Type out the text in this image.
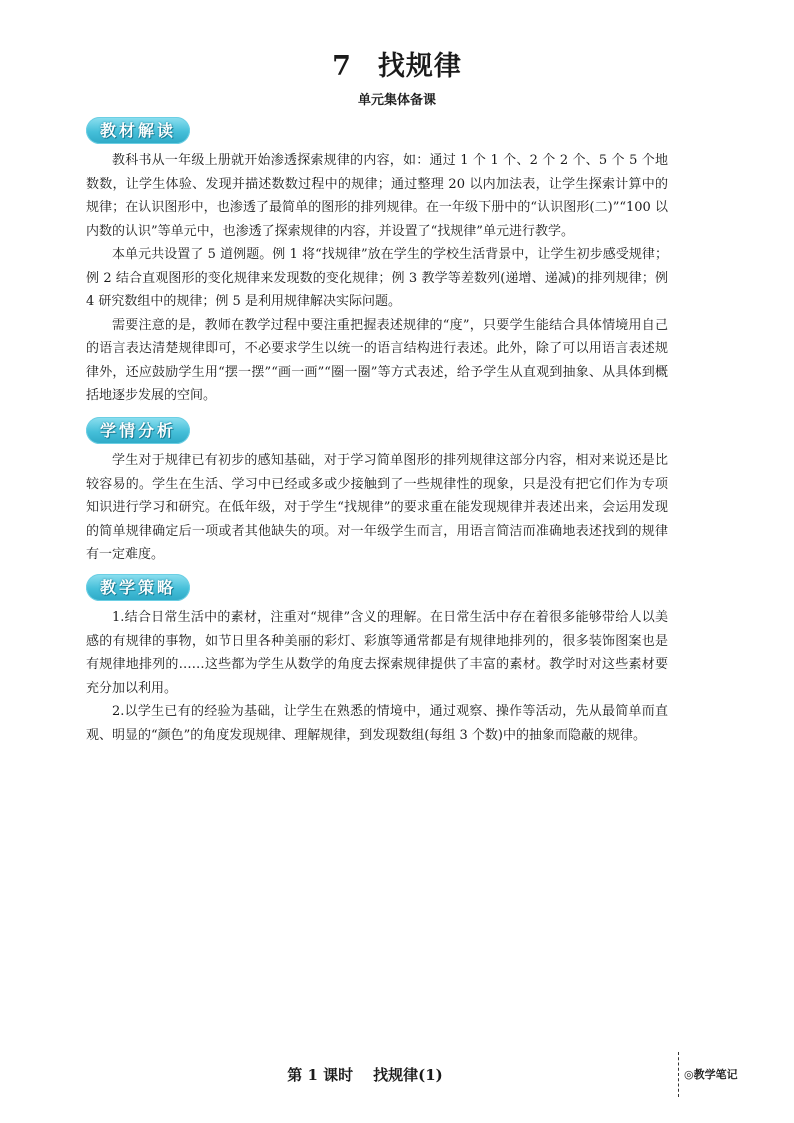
7 找规律
单元集体备课
教材解读

教科书从一年级上册就开始渗透探索规律的内容，如：通过 1 个 1 个、2 个 2 个、5 个 5 个地数数，让学生体验、发现并描述数数过程中的规律；通过整理 20 以内加法表，让学生探索计算中的规律；在认识图形中，也渗透了最简单的图形的排列规律。在一年级下册中的“认识图形(二)”“100 以内数的认识”等单元中，也渗透了探索规律的内容，并设置了“找规律”单元进行教学。

本单元共设置了 5 道例题。例 1 将“找规律”放在学生的学校生活背景中，让学生初步感受规律；例 2 结合直观图形的变化规律来发现数的变化规律；例 3 教学等差数列(递增、递减)的排列规律；例 4 研究数组中的规律；例 5 是利用规律解决实际问题。

需要注意的是，教师在教学过程中要注重把握表述规律的“度”，只要学生能结合具体情境用自己的语言表达清楚规律即可，不必要求学生以统一的语言结构进行表述。此外，除了可以用语言表述规律外，还应鼓励学生用“摆一摆”“画一画”“圈一圈”等方式表述，给予学生从直观到抽象、从具体到概括地逐步发展的空间。

学情分析

学生对于规律已有初步的感知基础，对于学习简单图形的排列规律这部分内容，相对来说还是比较容易的。学生在生活、学习中已经或多或少接触到了一些规律性的现象，只是没有把它们作为专项知识进行学习和研究。在低年级，对于学生“找规律”的要求重在能发现规律并表述出来，会运用发现的简单规律确定后一项或者其他缺失的项。对一年级学生而言，用语言简洁而准确地表述找到的规律有一定难度。

教学策略

1.结合日常生活中的素材，注重对“规律”含义的理解。在日常生活中存在着很多能够带给人以美感的有规律的事物，如节日里各种美丽的彩灯、彩旗等通常都是有规律地排列的，很多装饰图案也是有规律地排列的……这些都为学生从数学的角度去探索规律提供了丰富的素材。教学时对这些素材要充分加以利用。

2.以学生已有的经验为基础，让学生在熟悉的情境中，通过观察、操作等活动，先从最简单而直观、明显的“颜色”的角度发现规律、理解规律，到发现数组(每组 3 个数)中的抽象而隐蔽的规律。

第 1 课时 找规律(1)	◎教学笔记
